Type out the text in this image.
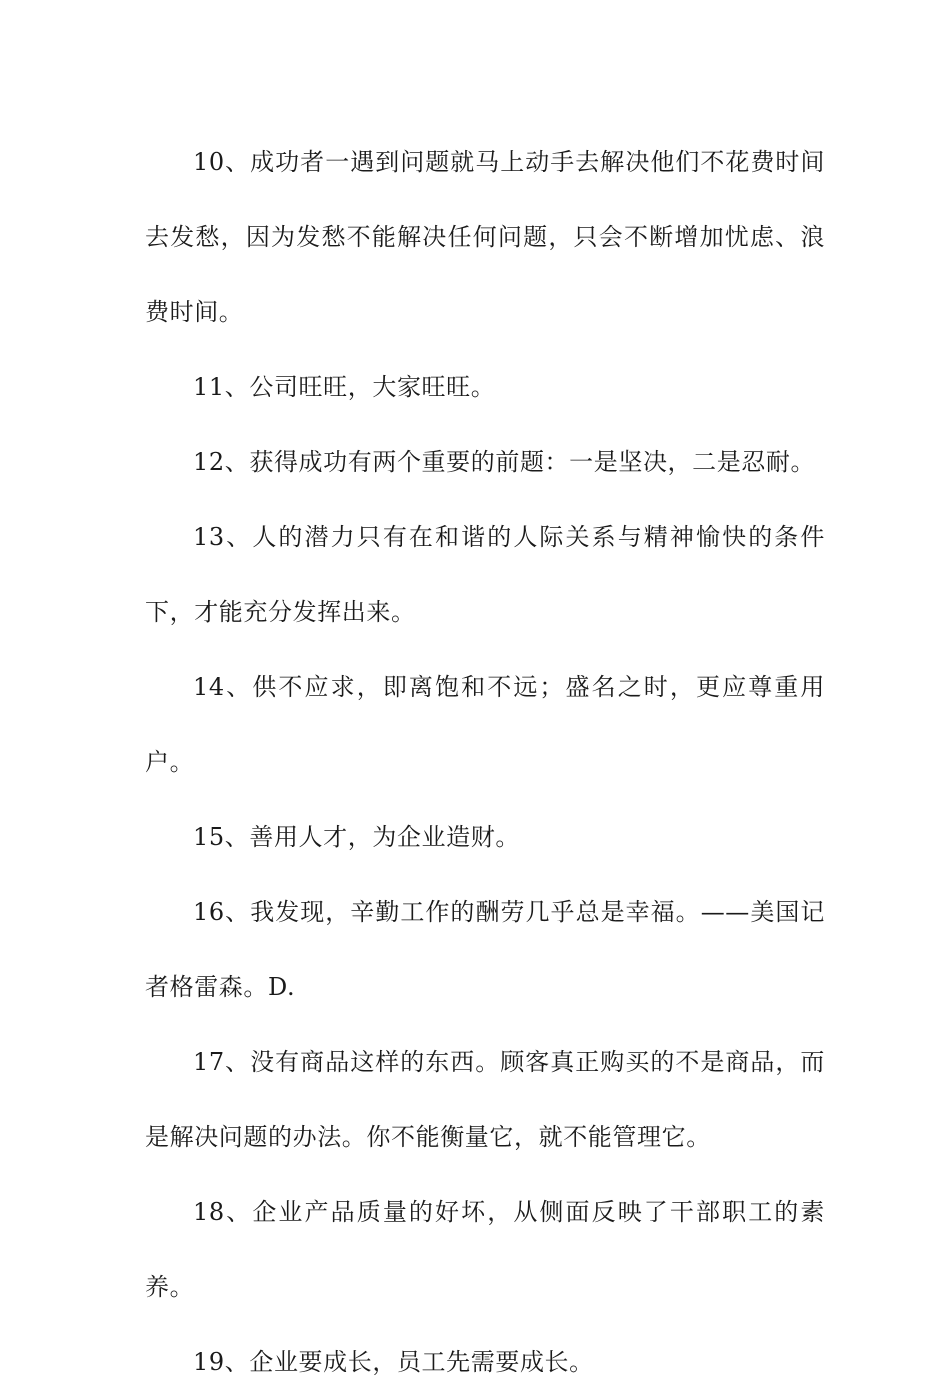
10、成功者一遇到问题就马上动手去解决他们不花费时间去发愁，因为发愁不能解决任何问题，只会不断增加忧虑、浪费时间。

11、公司旺旺，大家旺旺。

12、获得成功有两个重要的前题：一是坚决，二是忍耐。

13、人的潜力只有在和谐的人际关系与精神愉快的条件下，才能充分发挥出来。

14、供不应求，即离饱和不远；盛名之时，更应尊重用户。

15、善用人才，为企业造财。

16、我发现，辛勤工作的酬劳几乎总是幸福。——美国记者格雷森。D.

17、没有商品这样的东西。顾客真正购买的不是商品，而是解决问题的办法。你不能衡量它，就不能管理它。

18、企业产品质量的好坏，从侧面反映了干部职工的素养。

19、企业要成长，员工先需要成长。
